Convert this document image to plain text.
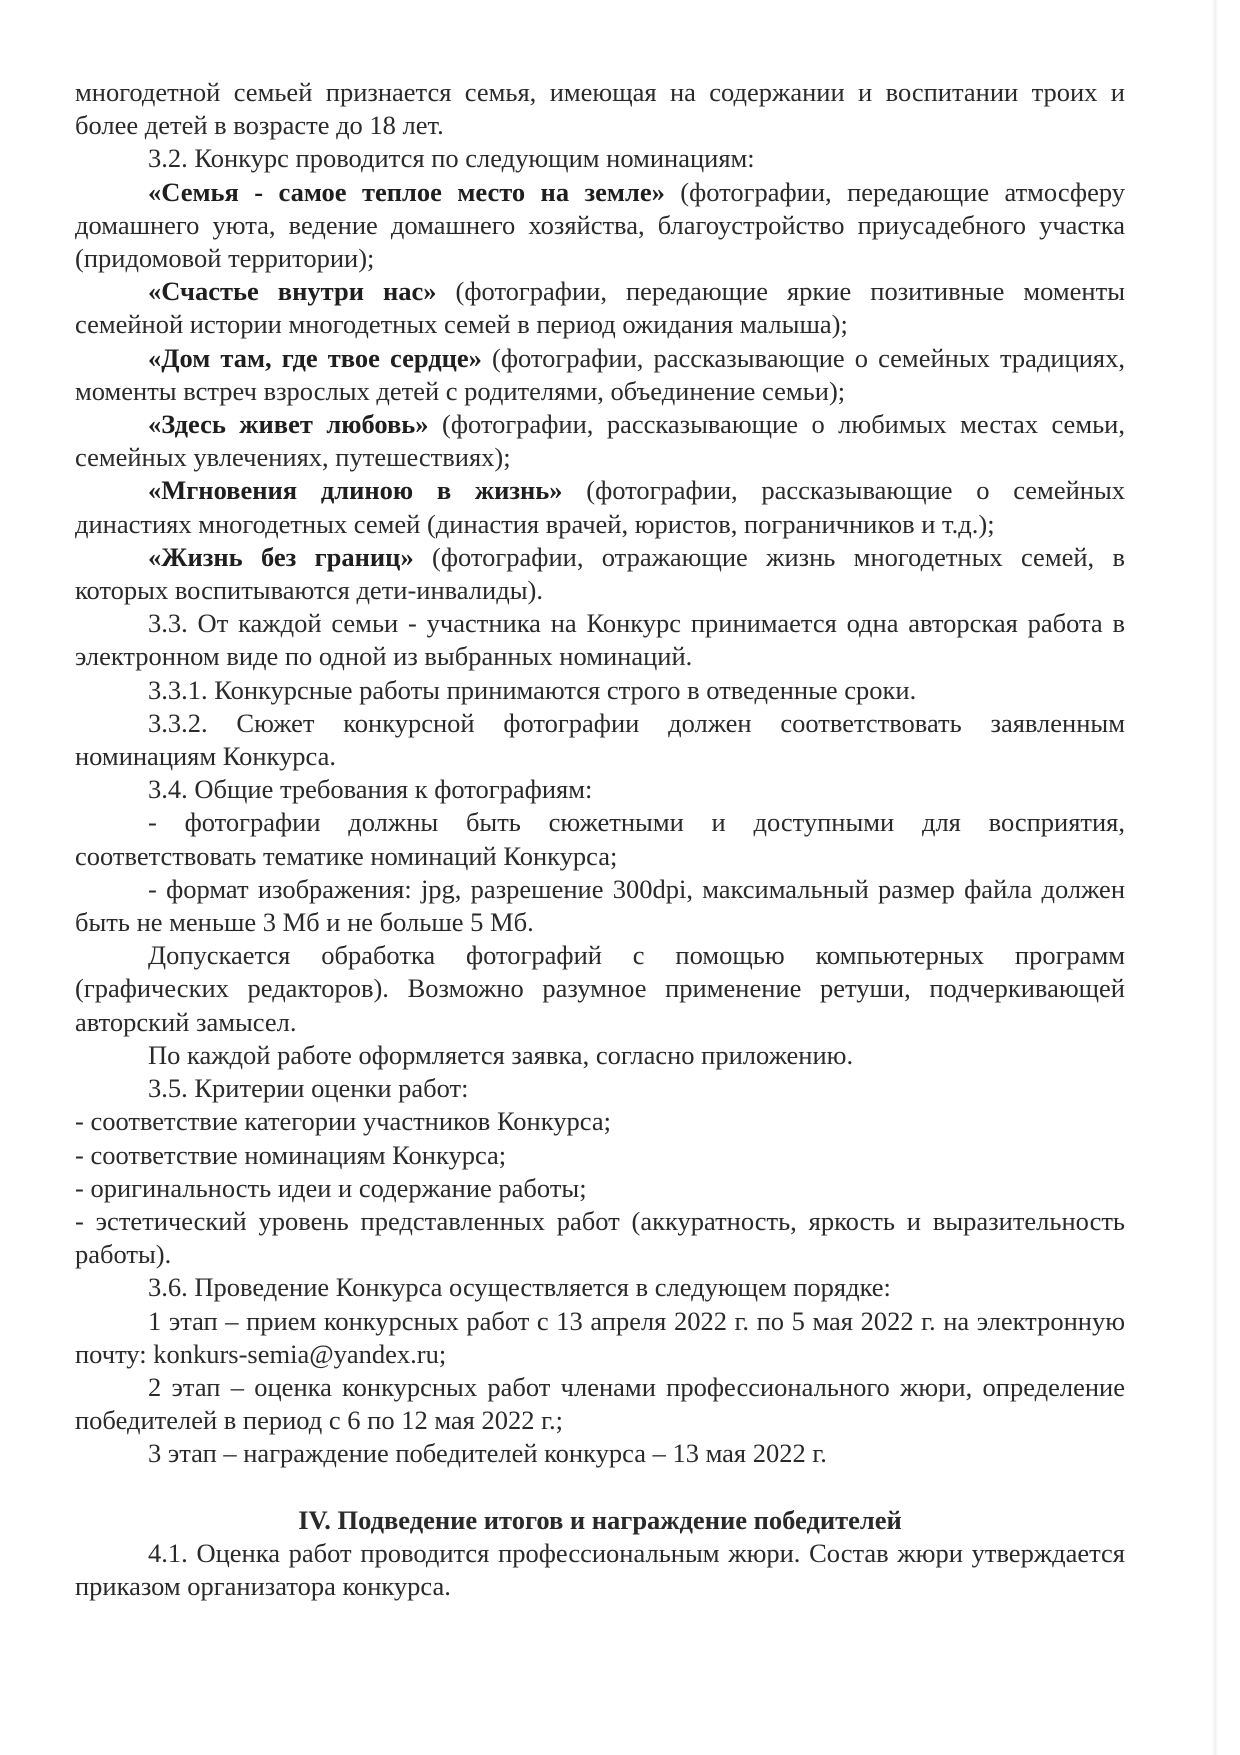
многодетной семьей признается семья, имеющая на содержании и воспитании троих и более детей в возрасте до 18 лет.

3.2. Конкурс проводится по следующим номинациям:

«Семья - самое теплое место на земле» (фотографии, передающие атмосферу домашнего уюта, ведение домашнего хозяйства, благоустройство приусадебного участка (придомовой территории);

«Счастье внутри нас» (фотографии, передающие яркие позитивные моменты семейной истории многодетных семей в период ожидания малыша);

«Дом там, где твое сердце» (фотографии, рассказывающие о семейных традициях, моменты встреч взрослых детей с родителями, объединение семьи);

«Здесь живет любовь» (фотографии, рассказывающие о любимых местах семьи, семейных увлечениях, путешествиях);

«Мгновения длиною в жизнь» (фотографии, рассказывающие о семейных династиях многодетных семей (династия врачей, юристов, пограничников и т.д.);

«Жизнь без границ» (фотографии, отражающие жизнь многодетных семей, в которых воспитываются дети-инвалиды).

3.3. От каждой семьи - участника на Конкурс принимается одна авторская работа в электронном виде по одной из выбранных номинаций.

3.3.1. Конкурсные работы принимаются строго в отведенные сроки.

3.3.2. Сюжет конкурсной фотографии должен соответствовать заявленным номинациям Конкурса.

3.4. Общие требования к фотографиям:

- фотографии должны быть сюжетными и доступными для восприятия, соответствовать тематике номинаций Конкурса;

- формат изображения: jpg, разрешение 300dpi, максимальный размер файла должен быть не меньше 3 Мб и не больше 5 Мб.

Допускается обработка фотографий с помощью компьютерных программ (графических редакторов). Возможно разумное применение ретуши, подчеркивающей авторский замысел.

По каждой работе оформляется заявка, согласно приложению.

3.5. Критерии оценки работ:

- соответствие категории участников Конкурса;

- соответствие номинациям Конкурса;

- оригинальность идеи и содержание работы;

- эстетический уровень представленных работ (аккуратность, яркость и выразительность работы).

3.6. Проведение Конкурса осуществляется в следующем порядке:

1 этап – прием конкурсных работ с 13 апреля 2022 г. по 5 мая 2022 г. на электронную почту: konkurs-semia@yandex.ru;

2 этап – оценка конкурсных работ членами профессионального жюри, определение победителей в период с 6 по 12 мая 2022 г.;

3 этап – награждение победителей конкурса – 13 мая 2022 г.

IV. Подведение итогов и награждение победителей

4.1. Оценка работ проводится профессиональным жюри. Состав жюри утверждается приказом организатора конкурса.
